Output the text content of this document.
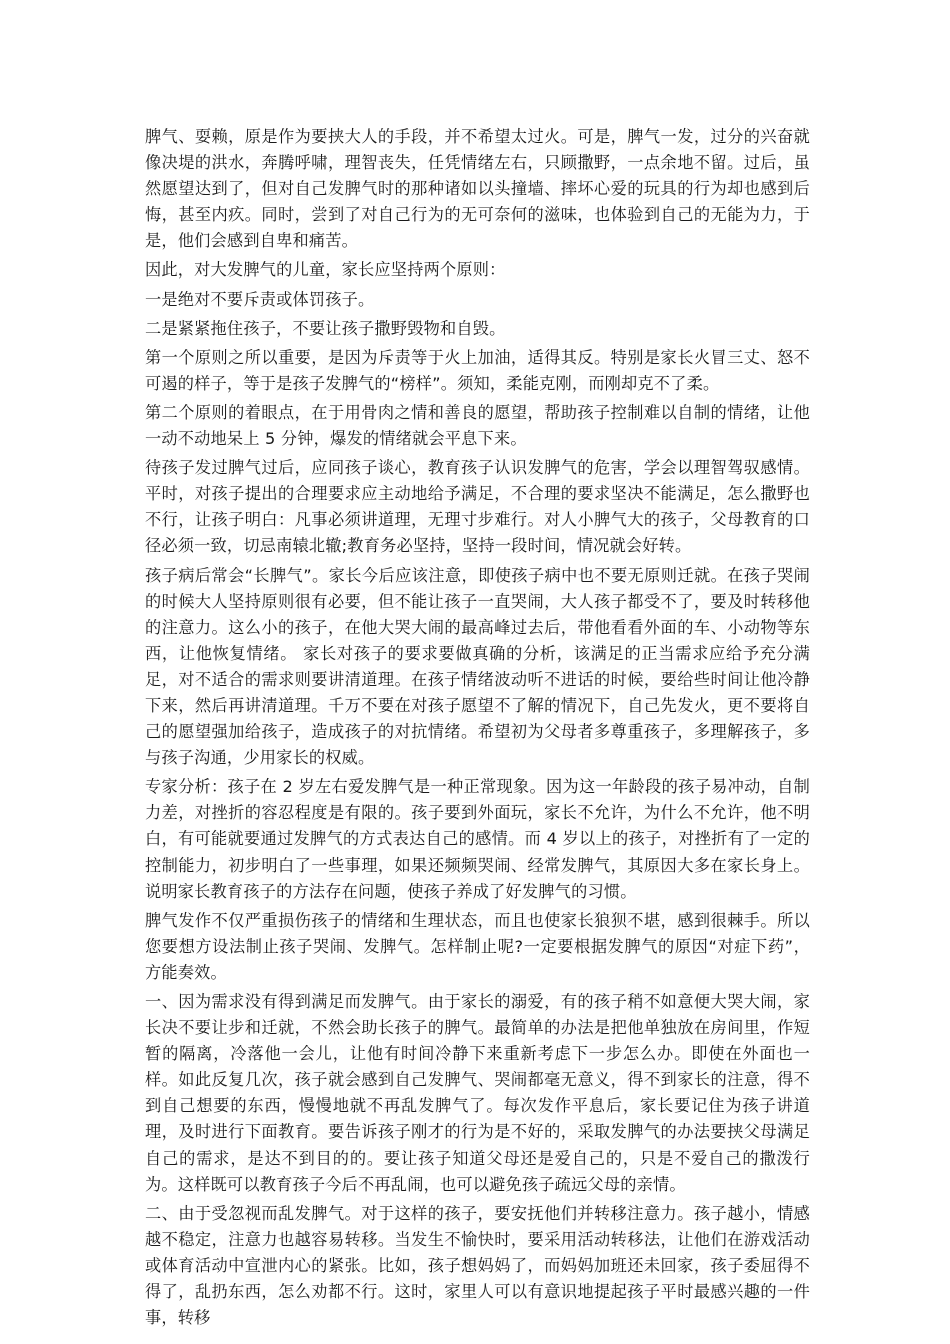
脾气、耍赖，原是作为要挟大人的手段，并不希望太过火。可是，脾气一发，过分的兴奋就像决堤的洪水，奔腾呼啸，理智丧失，任凭情绪左右，只顾撒野，一点余地不留。过后，虽然愿望达到了，但对自己发脾气时的那种诸如以头撞墙、摔坏心爱的玩具的行为却也感到后悔，甚至内疚。同时，尝到了对自己行为的无可奈何的滋味，也体验到自己的无能为力，于是，他们会感到自卑和痛苦。

因此，对大发脾气的儿童，家长应坚持两个原则：

一是绝对不要斥责或体罚孩子。

二是紧紧拖住孩子，不要让孩子撒野毁物和自毁。

第一个原则之所以重要，是因为斥责等于火上加油，适得其反。特别是家长火冒三丈、怒不可遏的样子，等于是孩子发脾气的“榜样”。须知，柔能克刚，而刚却克不了柔。

第二个原则的着眼点，在于用骨肉之情和善良的愿望，帮助孩子控制难以自制的情绪，让他一动不动地呆上 5 分钟，爆发的情绪就会平息下来。

待孩子发过脾气过后，应同孩子谈心，教育孩子认识发脾气的危害，学会以理智驾驭感情。平时，对孩子提出的合理要求应主动地给予满足，不合理的要求坚决不能满足，怎么撒野也不行，让孩子明白：凡事必须讲道理，无理寸步难行。对人小脾气大的孩子，父母教育的口径必须一致，切忌南辕北辙;教育务必坚持，坚持一段时间，情况就会好转。

孩子病后常会“长脾气”。家长今后应该注意，即使孩子病中也不要无原则迁就。在孩子哭闹的时候大人坚持原则很有必要，但不能让孩子一直哭闹，大人孩子都受不了，要及时转移他的注意力。这么小的孩子，在他大哭大闹的最高峰过去后，带他看看外面的车、小动物等东西，让他恢复情绪。 家长对孩子的要求要做真确的分析，该满足的正当需求应给予充分满足，对不适合的需求则要讲清道理。在孩子情绪波动听不进话的时候，要给些时间让他冷静下来，然后再讲清道理。千万不要在对孩子愿望不了解的情况下，自己先发火，更不要将自己的愿望强加给孩子，造成孩子的对抗情绪。希望初为父母者多尊重孩子，多理解孩子，多与孩子沟通，少用家长的权威。

专家分析：孩子在 2 岁左右爱发脾气是一种正常现象。因为这一年龄段的孩子易冲动，自制力差，对挫折的容忍程度是有限的。孩子要到外面玩，家长不允许，为什么不允许，他不明白，有可能就要通过发脾气的方式表达自己的感情。而 4 岁以上的孩子，对挫折有了一定的控制能力，初步明白了一些事理，如果还频频哭闹、经常发脾气，其原因大多在家长身上。说明家长教育孩子的方法存在问题，使孩子养成了好发脾气的习惯。

脾气发作不仅严重损伤孩子的情绪和生理状态，而且也使家长狼狈不堪，感到很棘手。所以您要想方设法制止孩子哭闹、发脾气。怎样制止呢?一定要根据发脾气的原因“对症下药”，方能奏效。

一、因为需求没有得到满足而发脾气。由于家长的溺爱，有的孩子稍不如意便大哭大闹，家长决不要让步和迁就，不然会助长孩子的脾气。最简单的办法是把他单独放在房间里，作短暂的隔离，冷落他一会儿，让他有时间冷静下来重新考虑下一步怎么办。即使在外面也一样。如此反复几次，孩子就会感到自己发脾气、哭闹都毫无意义，得不到家长的注意，得不到自己想要的东西，慢慢地就不再乱发脾气了。每次发作平息后，家长要记住为孩子讲道理，及时进行下面教育。要告诉孩子刚才的行为是不好的，采取发脾气的办法要挟父母满足自己的需求，是达不到目的的。要让孩子知道父母还是爱自己的，只是不爱自己的撒泼行为。这样既可以教育孩子今后不再乱闹，也可以避免孩子疏远父母的亲情。

二、由于受忽视而乱发脾气。对于这样的孩子，要安抚他们并转移注意力。孩子越小，情感越不稳定，注意力也越容易转移。当发生不愉快时，要采用活动转移法，让他们在游戏活动或体育活动中宣泄内心的紧张。比如，孩子想妈妈了，而妈妈加班还未回家，孩子委屈得不得了，乱扔东西，怎么劝都不行。这时，家里人可以有意识地提起孩子平时最感兴趣的一件事，转移
